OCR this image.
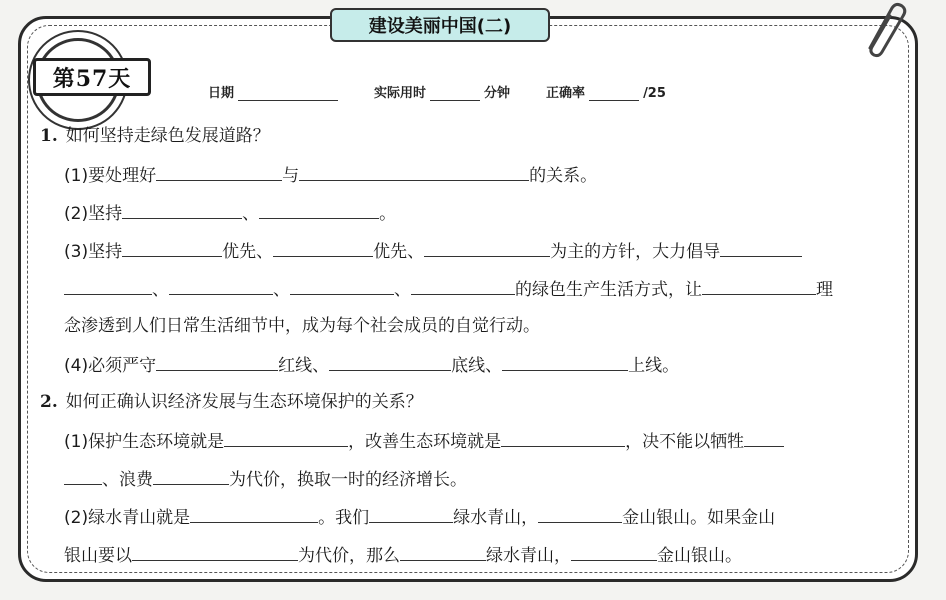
建设美丽中国(二)
第57天
日期	实际用时	分钟	正确率	/25
1. 如何坚持走绿色发展道路？
(1)要处理好	与	的关系。
(2)坚持	、	。
(3)坚持	优先、	优先、	为主的方针，大力倡导
、	、	、	的绿色生产生活方式，让	理
念渗透到人们日常生活细节中，成为每个社会成员的自觉行动。
(4)必须严守	红线、	底线、	上线。
2. 如何正确认识经济发展与生态环境保护的关系？
(1)保护生态环境就是	，改善生态环境就是	，决不能以牺牲
、浪费	为代价，换取一时的经济增长。
(2)绿水青山就是	。我们	绿水青山，	金山银山。如果金山
银山要以	为代价，那么	绿水青山，	金山银山。
